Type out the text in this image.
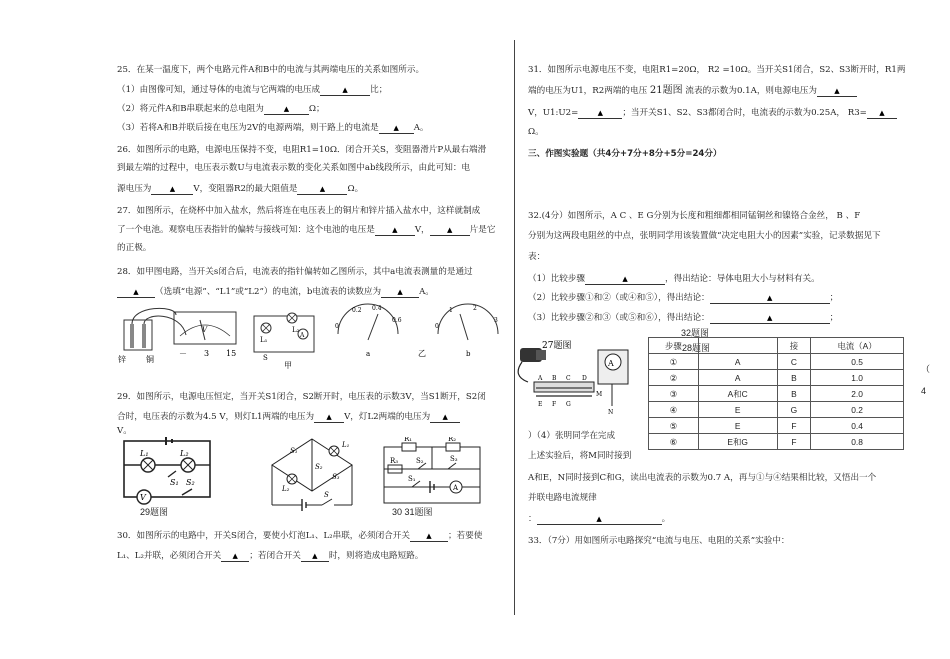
25．在某一温度下，两个电路元件A和B中的电流与其两端电压的关系如图所示。
（1）由图像可知，通过导体的电流与它两端的电压成	▲	比；
（2）将元件A和B串联起来的总电阻为	▲ Ω；
（3）若将A和B并联后接在电压为2V的电源两端，则干路上的电流是 ▲ A。
26．如图所示的电路，电源电压保持不变，电阻R1=10Ω．闭合开关S，变阻器滑片P从最右端滑
到最左端的过程中，电压表示数U与电流表示数的变化关系如图中ab线段所示，由此可知：电
源电压为	▲ V，变阻器R2的最大阻值是	▲	Ω。
27．如图所示，在烧杯中加入盐水，然后将连在电压表上的铜片和锌片插入盐水中，这样就制成
了一个电池。观察电压表指针的偏转与接线可知：这个电池的电压是 ▲ V， ▲ 片是它
的正极。
28．如甲图电路，当开关s闭合后，电流表的指针偏转如乙图所示，其中a电流表测量的是通过
▲ （选填“电源”、“L1”或“L2”）的电流，b电流表的读数应为 ▲ A。
29．如图所示，电源电压恒定，当开关S1闭合，S2断开时，电压表的示数3V，当S1断开，S2闭
合时，电压表的示数为4.5 V，则灯L1两端的电压为 ▲ V，灯L2两端的电压为 ▲
V。
30．如图所示的电路中，开关S闭合，要使小灯泡L₁、L₂串联，必须闭合开关 ▲ ；若要使
L₁、L₂并联，必须闭合开关 ▲ ；若闭合开关 ▲ 时，则将造成电路短路。
锌	铜
V
－ 3 15
A
L₂
L₁
S
甲
0
0.2 0.4
0.6
a	乙
0
1	2
3
b
V
L₁	L₂
S₁ S₂
29题图
L₁
L₂
S₁
S₂
S₃
S
R₁	R₂
R₃	S₂	S₃
S₁
A
30 31题图
31．如图所示电源电压不变，电阻R1=20Ω， R2 =10Ω。当开关S1闭合，S2、S3断开时，R1两
端的电压为U1，R2两端的电压 21题图 流表的示数为0.1A，则电源电压为 ▲
V，U1:U2=	▲ ；当开关S1、S2、S3都闭合时，电流表的示数为0.25A， R3= ▲
Ω。
三、作图实验题（共4分+7分+8分+5分=24分）
32.(4分）如图所示，A C 、E G分别为长度和粗细都相同锰铜丝和镍铬合金丝， B 、F
分别为这两段电阻丝的中点，张明同学用该装置做“决定电阻大小的因素”实验，记录数据见下
表：
（1）比较步骤	▲	，得出结论：导体电阻大小与材料有关。
（2）比较步骤①和②（或④和⑤），得出结论：	▲	；
（3）比较步骤②和③（或⑤和⑥），得出结论：	▲	；
）（4）张明同学在完成
上述实验后，将M同时接到
A和E，N同时接到C和G，读出电流表的示数为0.7 A，再与①与④结果相比较，又悟出一个
并联电路电流规律
：	▲	。
33．（7分）用如图所示电路探究“电流与电压、电阻的关系”实验中：
32题图
A
27题图
A B C D
E F G
M
N
28题图
步骤	M	接	电流（A）
①	A	C	0.5
②	A	B	1.0
③	A和C	B	2.0
④	E	G	0.2
⑤	E	F	0.4
⑥	E和G	F	0.8
（
4
